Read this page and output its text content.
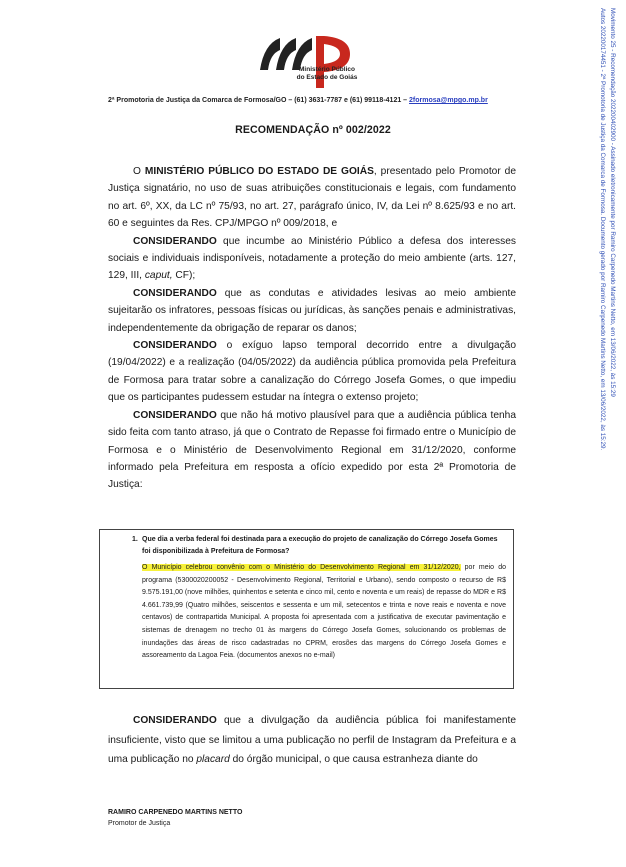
Ministério Público
do Estado de Goiás
2ª Promotoria de Justiça da Comarca de Formosa/GO – (61) 3631-7787 e (61) 99118-4121 – 2formosa@mpgo.mp.br
RECOMENDAÇÃO nº 002/2022

O MINISTÉRIO PÚBLICO DO ESTADO DE GOIÁS, presentado pelo Promotor de Justiça signatário, no uso de suas atribuições constitucionais e legais, com fundamento no art. 6º, XX, da LC nº 75/93, no art. 27, parágrafo único, IV, da Lei nº 8.625/93 e no art. 60 e seguintes da Res. CPJ/MPGO nº 009/2018, e

CONSIDERANDO que incumbe ao Ministério Público a defesa dos interesses sociais e individuais indisponíveis, notadamente a proteção do meio ambiente (arts. 127, 129, III, caput, CF);

CONSIDERANDO que as condutas e atividades lesivas ao meio ambiente sujeitarão os infratores, pessoas físicas ou jurídicas, às sanções penais e administrativas, independentemente da obrigação de reparar os danos;

CONSIDERANDO o exíguo lapso temporal decorrido entre a divulgação (19/04/2022) e a realização (04/05/2022) da audiência pública promovida pela Prefeitura de Formosa para tratar sobre a canalização do Córrego Josefa Gomes, o que impediu que os participantes pudessem estudar na íntegra o extenso projeto;

CONSIDERANDO que não há motivo plausível para que a audiência pública tenha sido feita com tanto atraso, já que o Contrato de Repasse foi firmado entre o Município de Formosa e o Ministério de Desenvolvimento Regional em 31/12/2020, conforme informado pela Prefeitura em resposta a ofício expedido por esta 2ª Promotoria de Justiça:

1. Que dia a verba federal foi destinada para a execução do projeto de canalização do Córrego Josefa Gomes foi disponibilizada à Prefeitura de Formosa?
O Município celebrou convênio com o Ministério do Desenvolvimento Regional em 31/12/2020, por meio do programa (5300020200052 - Desenvolvimento Regional, Territorial e Urbano), sendo composto o recurso de R$ 9.575.191,00 (nove milhões, quinhentos e setenta e cinco mil, cento e noventa e um reais) de repasse do MDR e R$ 4.661.739,99 (Quatro milhões, seiscentos e sessenta e um mil, setecentos e trinta e nove reais e noventa e nove centavos) de contrapartida Municipal. A proposta foi apresentada com a justificativa de executar pavimentação e sistemas de drenagem no trecho 01 às margens do Córrego Josefa Gomes, solucionando os problemas de inundações das áreas de risco cadastradas no CPRM, erosões das margens do Córrego Josefa Gomes e assoreamento da Lagoa Feia. (documentos anexos no e-mail)

CONSIDERANDO que a divulgação da audiência pública foi manifestamente insuficiente, visto que se limitou a uma publicação no perfil de Instagram da Prefeitura e a uma publicação no placard do órgão municipal, o que causa estranheza diante do

RAMIRO CARPENEDO MARTINS NETTO
Promotor de Justiça
Autos 202200174451 - 2ª Promotoria de Justiça da Comarca de Formosa. Documento gerado por Ramiro Carpenedo Martins Netto, em 13/06/2022, às 15:29. Movimento 25 - Recomendação 202200402900 - Assinado eletronicamente por Ramiro Carpenedo Martins Netto, em 13/06/2022, às 15:29
